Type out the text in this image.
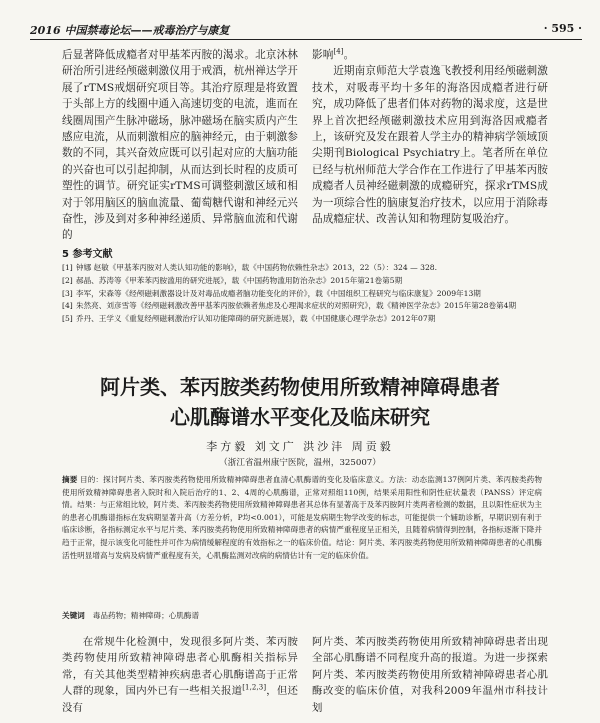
2016 中国禁毒论坛——戒毒治疗与康复	· 595 ·

后显著降低成瘾者对甲基苯丙胺的渴求。北京沐林研治所引进经颅磁刺激仪用于戒酒，杭州禅达学开展了rTMS戒烟研究项目等。其治疗原理是将致置于头部上方的线圈中通入高速切变的电流，進而在线圈周围产生脉冲磁场，脉冲磁场在脑实质内产生感应电流，从而刺激相应的脑神经元，由于刺激参数的不同，其兴奋效应既可以引起对应的大脑功能的兴奋也可以引起抑制，从而达到长时程的皮质可塑性的调节。研究证实rTMS可调整刺激区域和相对于邻用脑区的脑血流量、葡萄糖代谢和神经元兴奋性，涉及到对多种神经递质、异常脑血流和代谢的

影响[4]。

近期南京师范大学袁逸飞教授利用经颅磁刺激技术，对吸毒平均十多年的海洛因成瘾者进行研究，成功降低了患者们体对药物的渴求度，这是世界上首次把经颅磁刺激技术应用到海洛因戒瘾者上，该研究及发在跟着人学主办的精神病学领域顶尖期刊Biological Psychiatry上。笔者所在单位已经与杭州师范大学合作在工作进行了甲基苯丙胺成瘾者人员神经磁刺激的成瘾研究，探求rTMS成为一项综合性的脑康复治疗技术，以应用于消除毒品成瘾症状、改善认知和物理防复吸治疗。

5 参考文献
[1] 钟娜 赵敏《甲基苯丙胺对人类认知功能的影响》，载《中国药物依赖性杂志》2013，22（5）：324 — 328.
[2] 郝晶、苏涛等《甲苯苯丙胺滥用的研究进展》，载《中国药物滥用防治杂志》2015年第21卷第5期
[3] 李军，宋森等《经颅磁刺激器设计及对毒品成瘾者脑功能变化的评价》，载《中国组织工程研究与临床康复》2009年13期
[4] 朱然亮、刘彦雪等《经颅磁刺激改善甲基苯丙胺依赖者焦虑及心理渴求症状的对照研究》，载《精神医学杂志》2015年第28卷第4期
[5] 乔丹、王学义《重复经颅磁刺激治疗认知功能障碍的研究新进展》，载《中国健康心理学杂志》2012年07期
阿片类、苯丙胺类药物使用所致精神障碍患者
心肌酶谱水平变化及临床研究
李方毅 刘文广 洪沙沣 周贡毅
（浙江省温州康宁医院，温州，325007）
摘要 目的：探讨阿片类、苯丙胺类药物使用所致精神障碍患者血清心肌酶谱的变化及临床意义。方法：动态监测137例阿片类、苯丙胺类药物使用所致精神障碍患者入院时和入院后治疗的1、2、4周的心肌酶谱，正常对照组110例，结果采用阳性和阴性症状量表（PANSS）评定病情。结果：与正常组比较，阿片类、苯丙胺类药物使用所致精神障碍患者其总体有显著高于及苯丙胺阿片类两者检测的数据，且以阳性症状为主的患者心肌酶谱指标在发病期显著升高（方差分析，P均<0.001），可能是发病期生物学改变的标志，可能提供一个辅助诊断，早期识别有利于临床诊断，各指标测定水平与尼片类、苯丙胺类药物使用所致精神障碍患者的病情严重程度呈正相关，且随着病情得到控制，各指标逐渐下降并趋于正常，提示该变化可能性并可作为病情缓解程度的有效指标之一的临床价值。结论：阿片类、苯丙胺类药物使用所致精神障碍患者的心肌酶活性明显增高与发病及病情严重程度有关，心肌酶监测对改病的病情估计有一定的临床价值。
关键词 毒品药物；精神障碍；心肌酶谱

在常规牛化检测中，发现很多阿片类、苯丙胺类药物使用所致精神障碍患者心肌酶相关指标异常，有关其他类型精神疾病患者心肌酶谱高于正常人群的现象，国内外已有一些相关报道[1,2,3]，但还没有

阿片类、苯丙胺类药物使用所致精神障碍患者出现全部心肌酶谱不同程度升高的报道。为进一步探索阿片类、苯丙胺类药物使用所致精神障碍患者心肌酶改变的临床价值，对我科2009年温州市科技计划
